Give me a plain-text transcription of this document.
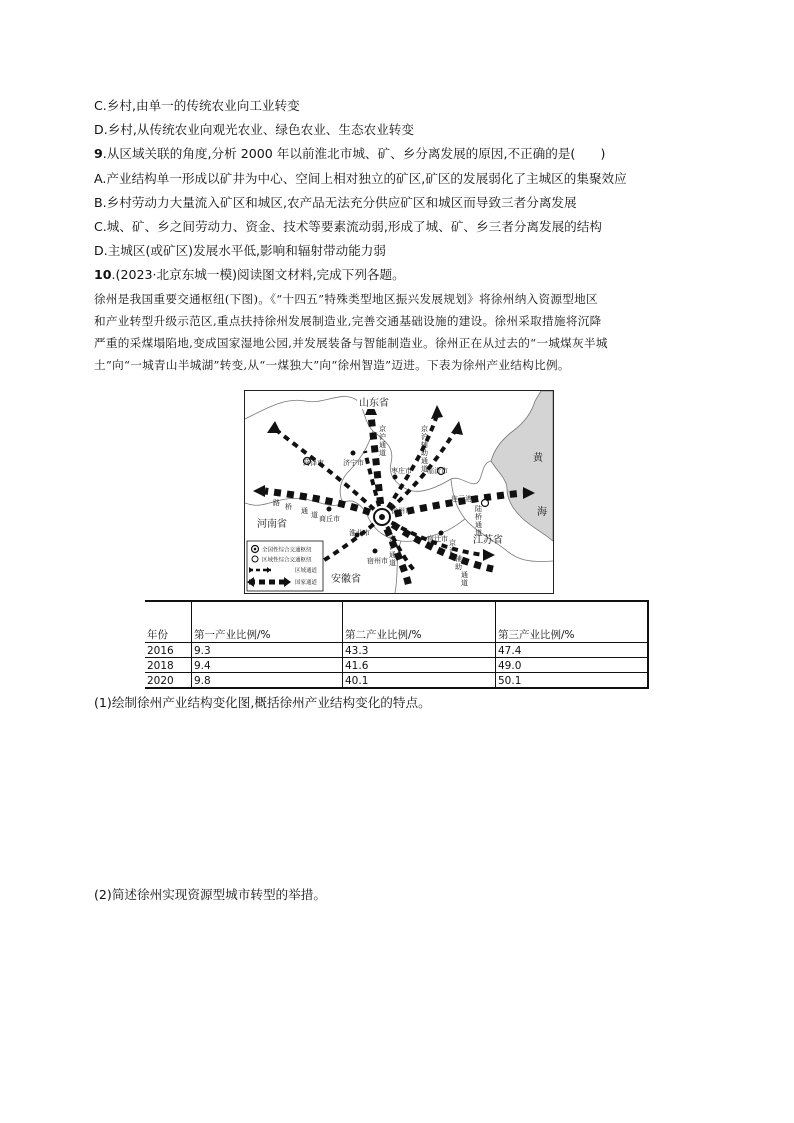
C.乡村,由单一的传统农业向工业转变
D.乡村,从传统农业向观光农业、绿色农业、生态农业转变
9.从区域关联的角度,分析 2000 年以前淮北市城、矿、乡分离发展的原因,不正确的是(　　)
A.产业结构单一形成以矿井为中心、空间上相对独立的矿区,矿区的发展弱化了主城区的集聚效应
B.乡村劳动力大量流入矿区和城区,农产品无法充分供应矿区和城区而导致三者分离发展
C.城、矿、乡之间劳动力、资金、技术等要素流动弱,形成了城、矿、乡三者分离发展的结构
D.主城区(或矿区)发展水平低,影响和辐射带动能力弱
10.(2023·北京东城一模)阅读图文材料,完成下列各题。
徐州是我国重要交通枢纽(下图)。《“十四五”特殊类型地区振兴发展规划》将徐州纳入资源型地区
和产业转型升级示范区,重点扶持徐州发展制造业,完善交通基础设施的建设。徐州采取措施将沉降
严重的采煤塌陷地,变成国家湿地公园,并发展装备与智能制造业。徐州正在从过去的“一城煤灰半城
土”向“一城青山半城湖”转变,从“一煤独大”向“徐州智造”迈进。下表为徐州产业结构比例。
黄
海
山东省
河南省
江苏省
安徽省
菏泽市	济宁市
枣庄市 临沂市
连云港市
商丘市
徐州市
淮北市
宿迁市
宿州市
京
沪
通
道
京
沪
辅
助
通
道
路 桥 通 道
陆
桥
通
道
京
沪
通
道
京
沪
辅
助
通
道
全国性综合交通枢纽
区域性综合交通枢纽
区域通道
国家通道
年份	第一产业比例/%	第二产业比例/%	第三产业比例/%
2016	9.3	43.3	47.4
2018	9.4	41.6	49.0
2020	9.8	40.1	50.1
(1)绘制徐州产业结构变化图,概括徐州产业结构变化的特点。
(2)简述徐州实现资源型城市转型的举措。
